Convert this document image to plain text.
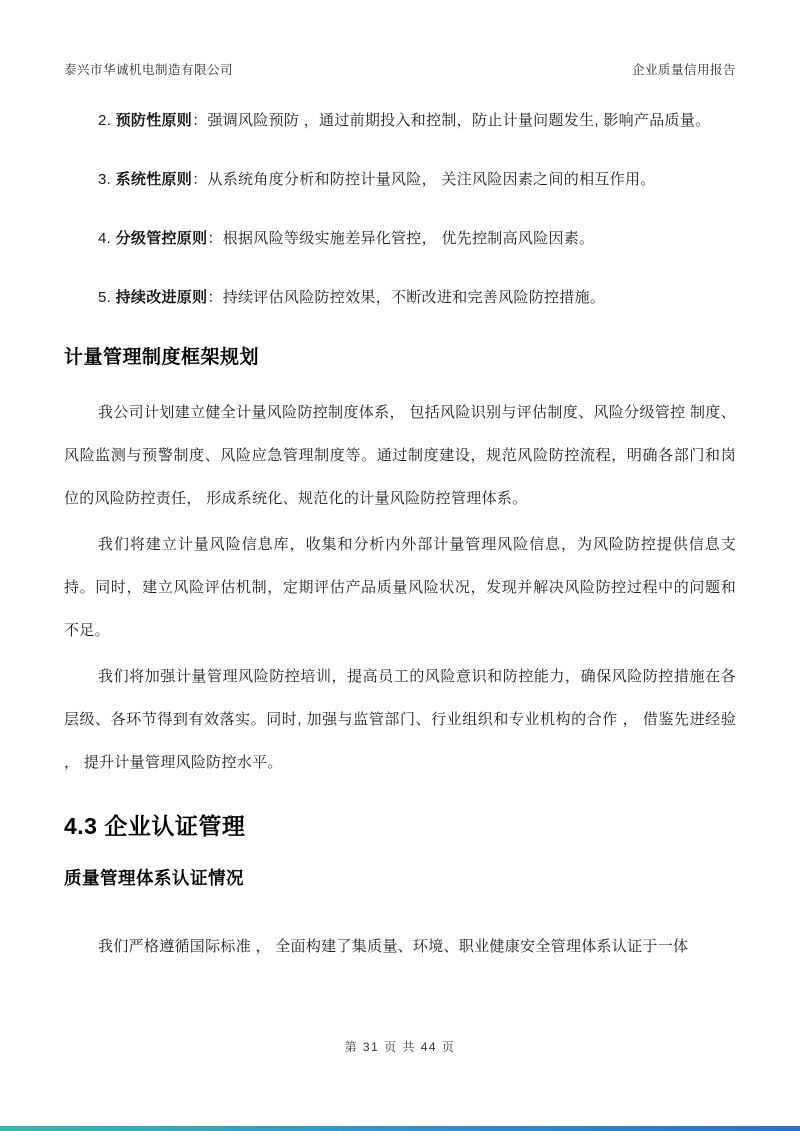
泰兴市华诚机电制造有限公司	企业质量信用报告
2. 预防性原则：强调风险预防 ，通过前期投入和控制，防止计量问题发生, 影响产品质量。
3. 系统性原则：从系统角度分析和防控计量风险， 关注风险因素之间的相互作用。
4. 分级管控原则：根据风险等级实施差异化管控， 优先控制高风险因素。
5. 持续改进原则：持续评估风险防控效果，不断改进和完善风险防控措施。
计量管理制度框架规划

我公司计划建立健全计量风险防控制度体系， 包括风险识别与评估制度、风险分级管控 制度、风险监测与预警制度、风险应急管理制度等。通过制度建设，规范风险防控流程，明确各部门和岗位的风险防控责任， 形成系统化、规范化的计量风险防控管理体系。

我们将建立计量风险信息库，收集和分析内外部计量管理风险信息，为风险防控提供信息支持。同时，建立风险评估机制，定期评估产品质量风险状况，发现并解决风险防控过程中的问题和不足。

我们将加强计量管理风险防控培训，提高员工的风险意识和防控能力，确保风险防控措施在各层级、各环节得到有效落实。同时, 加强与监管部门、行业组织和专业机构的合作 ， 借鉴先进经验 ， 提升计量管理风险防控水平。

4.3 企业认证管理
质量管理体系认证情况

我们严格遵循国际标准 ， 全面构建了集质量、环境、职业健康安全管理体系认证于一体

第 31 页 共 44 页
